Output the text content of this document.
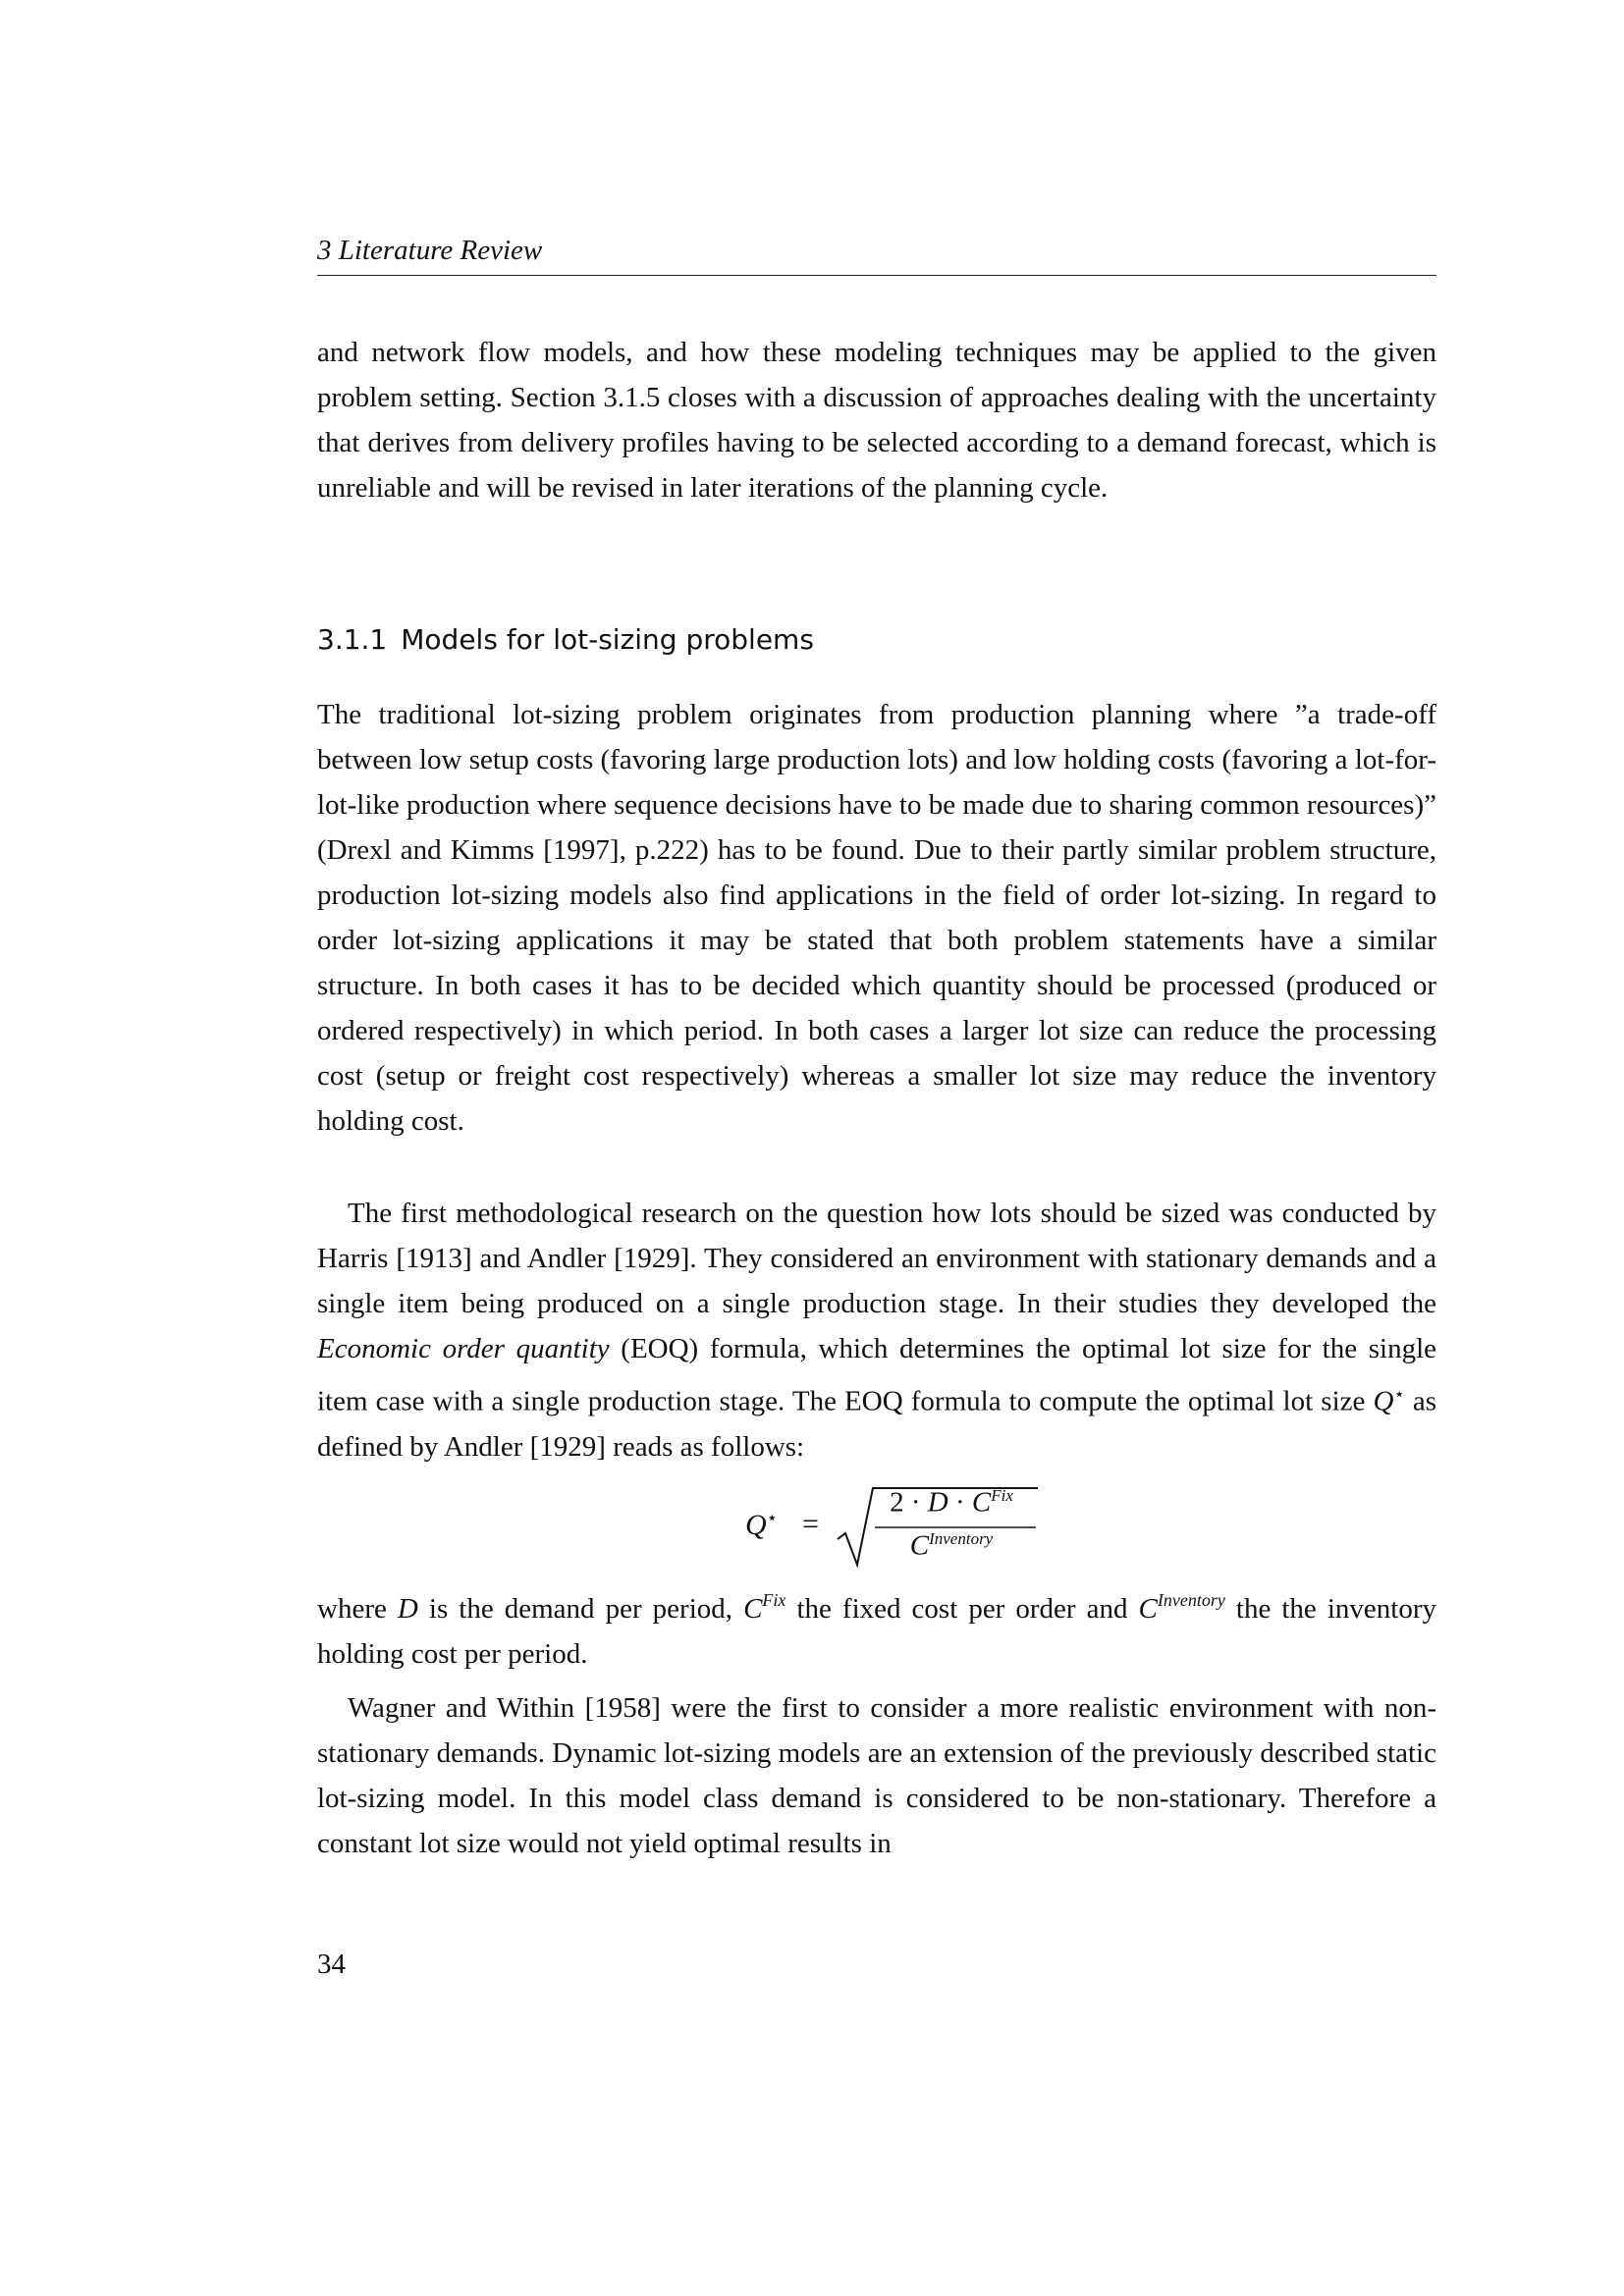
3 Literature Review
and network flow models, and how these modeling techniques may be applied to the given problem setting. Section 3.1.5 closes with a discussion of approaches dealing with the uncertainty that derives from delivery profiles having to be selected according to a demand forecast, which is unreliable and will be revised in later iterations of the planning cycle.
3.1.1 Models for lot-sizing problems
The traditional lot-sizing problem originates from production planning where ”a trade-off between low setup costs (favoring large production lots) and low holding costs (favoring a lot-for-lot-like production where sequence decisions have to be made due to sharing common resources)” (Drexl and Kimms [1997], p.222) has to be found. Due to their partly similar problem structure, production lot-sizing models also find applications in the field of order lot-sizing. In regard to order lot-sizing applications it may be stated that both problem statements have a similar structure. In both cases it has to be decided which quantity should be processed (produced or ordered respectively) in which period. In both cases a larger lot size can reduce the processing cost (setup or freight cost respectively) whereas a smaller lot size may reduce the inventory holding cost.

The first methodological research on the question how lots should be sized was conducted by Harris [1913] and Andler [1929]. They considered an environment with stationary demands and a single item being produced on a single production stage. In their studies they developed the Economic order quantity (EOQ) formula, which determines the optimal lot size for the single item case with a single production stage. The EOQ formula to compute the optimal lot size Q⋆ as defined by Andler [1929] reads as follows:

Q⋆ =
$2 \cdot D \cdot C^{Fix}$
$C^{Inventory}$
where D is the demand per period, $C^{Fix}$ the fixed cost per order and $C^{Inventory}$ the the inventory holding cost per period.

Wagner and Within [1958] were the first to consider a more realistic environment with non-stationary demands. Dynamic lot-sizing models are an extension of the previously described static lot-sizing model. In this model class demand is considered to be non-stationary. Therefore a constant lot size would not yield optimal results in

34
